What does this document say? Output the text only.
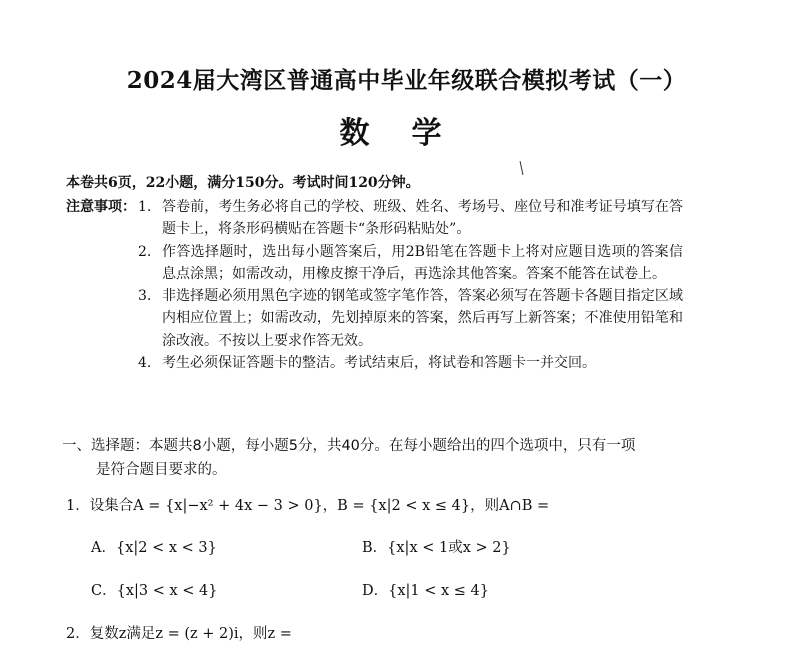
2024届大湾区普通高中毕业年级联合模拟考试（一）
数学
本卷共6页，22小题，满分150分。考试时间120分钟。
注意事项： 1. 答卷前，考生务必将自己的学校、班级、姓名、考场号、座位号和准考证号填写在答题卡上，将条形码横贴在答题卡“条形码粘贴处”。
2. 作答选择题时，选出每小题答案后，用2B铅笔在答题卡上将对应题目选项的答案信息点涂黑；如需改动，用橡皮擦干净后，再选涂其他答案。答案不能答在试卷上。
3. 非选择题必须用黑色字迹的钢笔或签字笔作答，答案必须写在答题卡各题目指定区域内相应位置上；如需改动，先划掉原来的答案，然后再写上新答案；不准使用铅笔和涂改液。不按以上要求作答无效。
4. 考生必须保证答题卡的整洁。考试结束后，将试卷和答题卡一并交回。
一、选择题：本题共8小题，每小题5分，共40分。在每小题给出的四个选项中，只有一项
是符合题目要求的。
1．设集合A = {x|−x² + 4x − 3 > 0}，B = {x|2 < x ≤ 4}，则A∩B =
A．{x|2 < x < 3}	B．{x|x < 1或x > 2}
C．{x|3 < x < 4}	D．{x|1 < x ≤ 4}
2．复数z满足z = (z + 2)i，则z =
